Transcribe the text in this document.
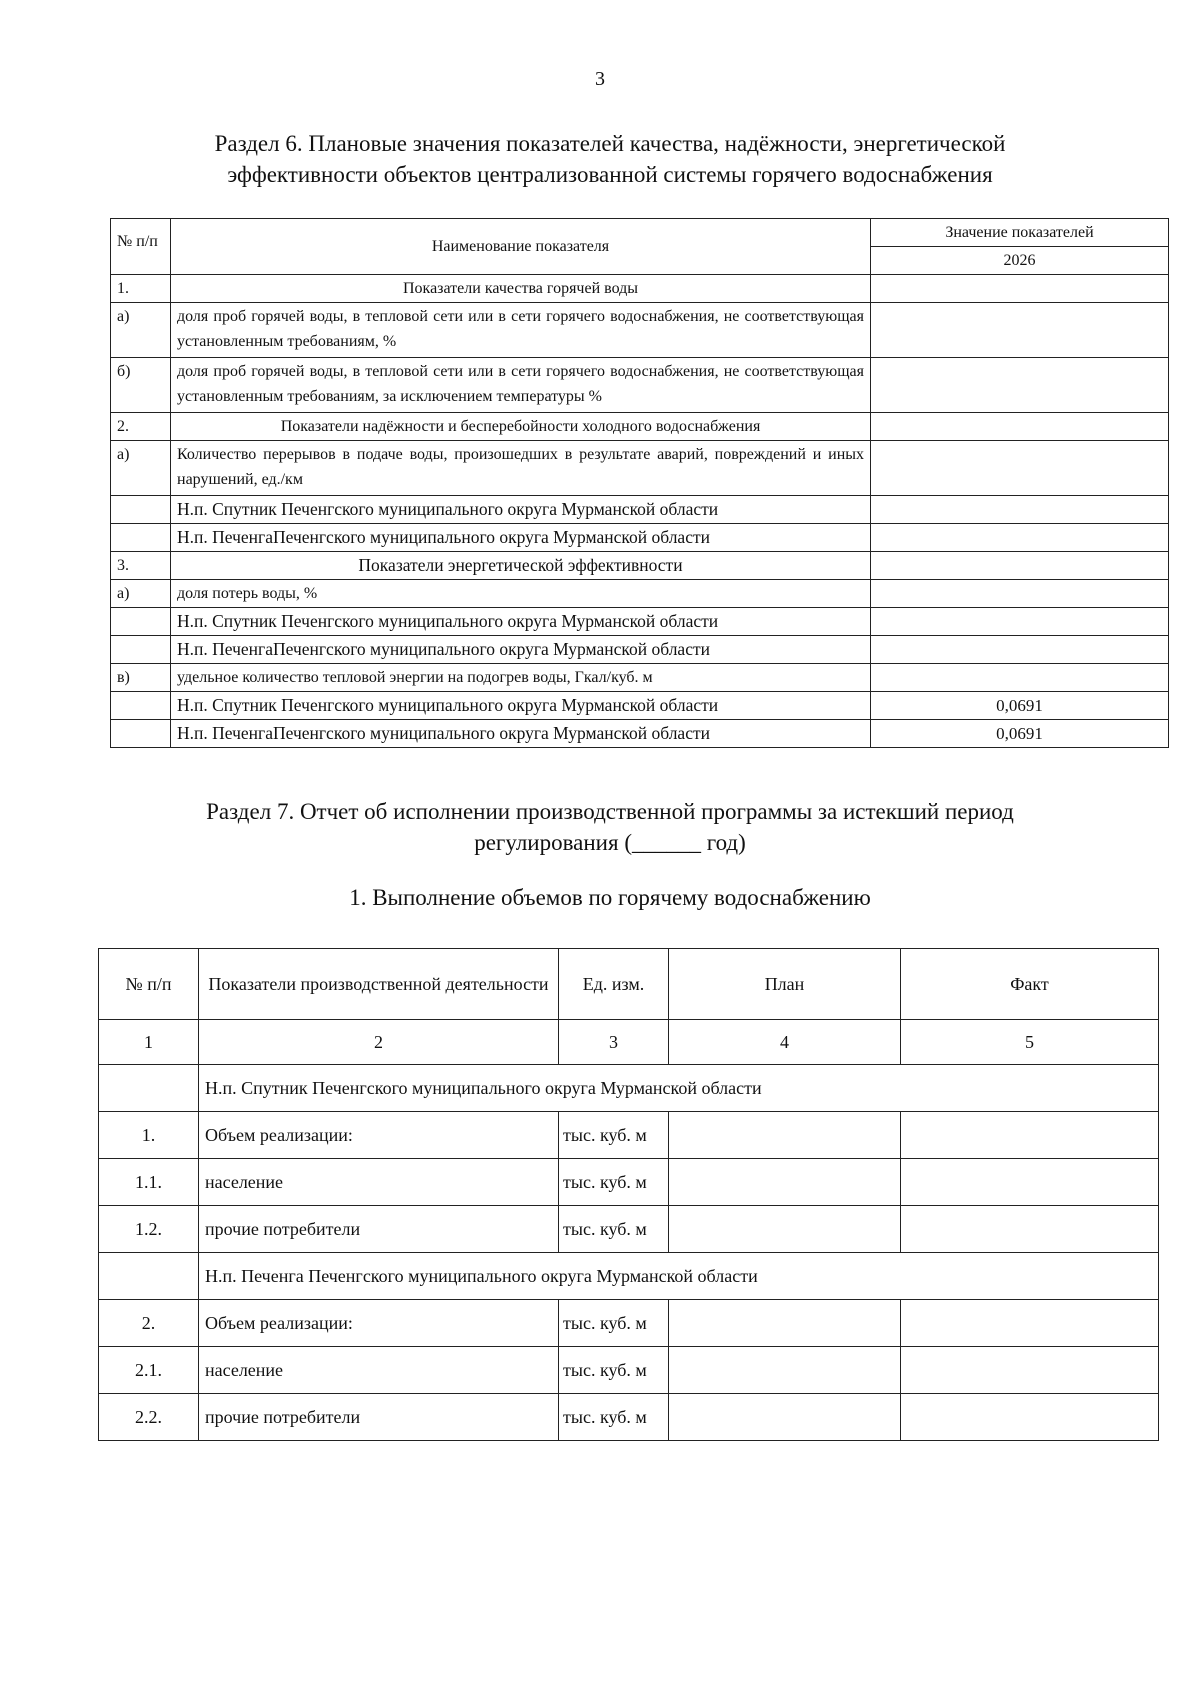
3
Раздел 6. Плановые значения показателей качества, надёжности, энергетической
эффективности объектов централизованной системы горячего водоснабжения
№ п/п	Наименование показателя	Значение показателей
		2026
1.	Показатели качества горячей воды	
а)	доля проб горячей воды, в тепловой сети или в сети горячего водоснабжения, не соответствующая установленным требованиям, %	
б)	доля проб горячей воды, в тепловой сети или в сети горячего водоснабжения, не соответствующая установленным требованиям, за исключением температуры %	
2.	Показатели надёжности и бесперебойности холодного водоснабжения	
а)	Количество перерывов в подаче воды, произошедших в результате аварий, повреждений и иных нарушений, ед./км	
	Н.п. Спутник Печенгского муниципального округа Мурманской области	
	Н.п. ПеченгаПеченгского муниципального округа Мурманской области	
3.	Показатели энергетической эффективности	
а)	доля потерь воды, %	
	Н.п. Спутник Печенгского муниципального округа Мурманской области	
	Н.п. ПеченгаПеченгского муниципального округа Мурманской области	
в)	удельное количество тепловой энергии на подогрев воды, Гкал/куб. м	
	Н.п. Спутник Печенгского муниципального округа Мурманской области	0,0691
	Н.п. ПеченгаПеченгского муниципального округа Мурманской области	0,0691
Раздел 7. Отчет об исполнении производственной программы за истекший период
регулирования (______ год)
1. Выполнение объемов по горячему водоснабжению
№ п/п	Показатели производственной деятельности	Ед. изм.	План	Факт
1	2	3	4	5
	Н.п. Спутник Печенгского муниципального округа Мурманской области			
1.	Объем реализации:	тыс. куб. м		
1.1.	население	тыс. куб. м		
1.2.	прочие потребители	тыс. куб. м		
	Н.п. Печенга Печенгского муниципального округа Мурманской области			
2.	Объем реализации:	тыс. куб. м		
2.1.	население	тыс. куб. м		
2.2.	прочие потребители	тыс. куб. м		
